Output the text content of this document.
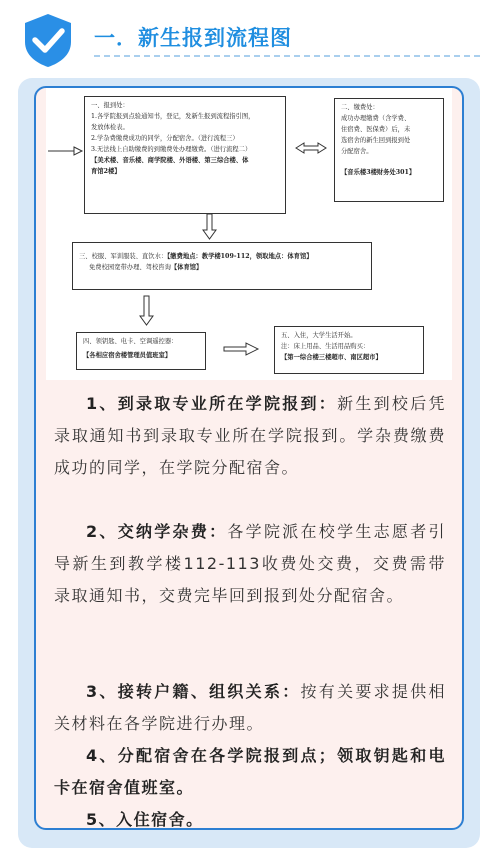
一．新生报到流程图
一、报到处：
1.各学院报到点验通知书，登记，发新生报到流程指引图，
发放体检表。
2.学杂费缴费成功的同学，分配宿舍。（进行流程三）
3.无法线上自助缴费的到缴费处办理缴费。（进行流程二）
【美术楼、音乐楼、商学院楼、外语楼、第三综合楼、体
育馆2楼】
二、缴费处：
成功办理缴费（含学费、
住宿费、医保费）后，未
选宿舍的新生回到报到处
分配宿舍。
【音乐楼3楼财务处301】
三、校服、军训服装、直饮水：【缴费地点：教学楼109-112，领取地点：体育馆】
免费校园宽带办理、驾校咨询【体育馆】
四、领钥匙、电卡、空调遥控器：
【各相应宿舍楼管理员值班室】
五、入住，大学生活开始。
注：床上用品、生活用品购买：
【第一综合楼三楼超市、南区超市】
1、到录取专业所在学院报到：新生到校后凭录取通知书到录取专业所在学院报到。学杂费缴费成功的同学，在学院分配宿舍。
2、交纳学杂费：各学院派在校学生志愿者引导新生到教学楼112-113收费处交费，交费需带录取通知书，交费完毕回到报到处分配宿舍。
3、接转户籍、组织关系：按有关要求提供相关材料在各学院进行办理。
4、分配宿舍在各学院报到点；领取钥匙和电卡在宿舍值班室。
5、入住宿舍。
